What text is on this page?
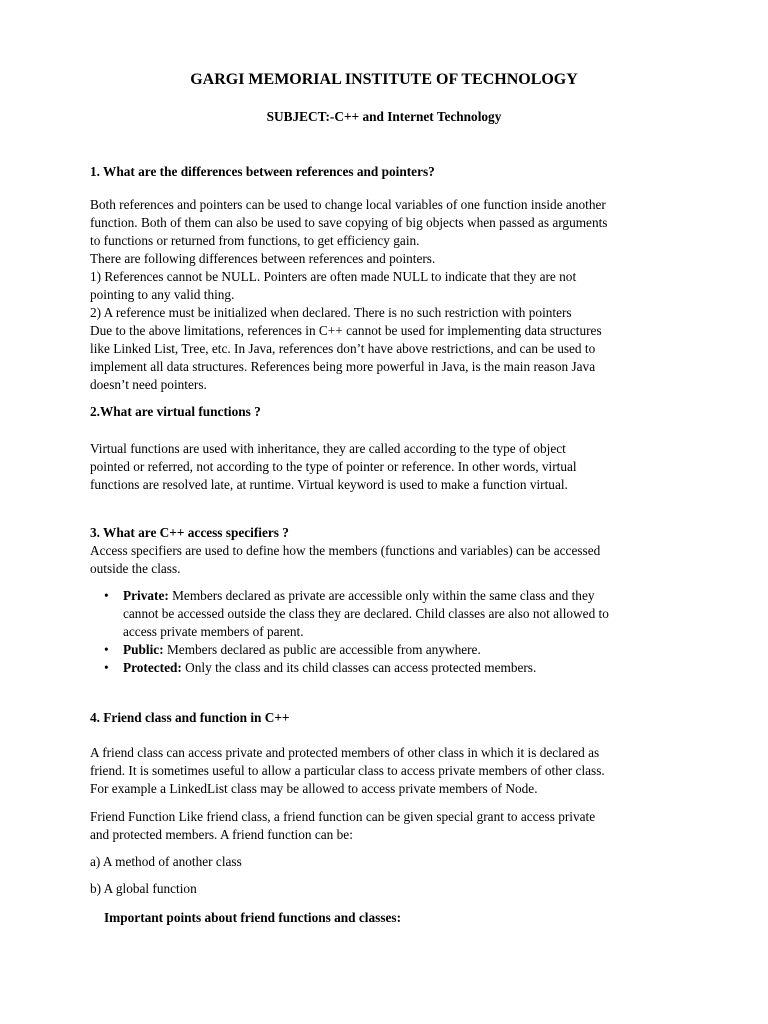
GARGI MEMORIAL INSTITUTE OF TECHNOLOGY

SUBJECT:-C++ and Internet Technology

1. What are the differences between references and pointers?

Both references and pointers can be used to change local variables of one function inside another
function. Both of them can also be used to save copying of big objects when passed as arguments
to functions or returned from functions, to get efficiency gain.
There are following differences between references and pointers.
1) References cannot be NULL. Pointers are often made NULL to indicate that they are not
pointing to any valid thing.
2) A reference must be initialized when declared. There is no such restriction with pointers
Due to the above limitations, references in C++ cannot be used for implementing data structures
like Linked List, Tree, etc. In Java, references don’t have above restrictions, and can be used to
implement all data structures. References being more powerful in Java, is the main reason Java
doesn’t need pointers.

2.What are virtual functions ?

Virtual functions are used with inheritance, they are called according to the type of object
pointed or referred, not according to the type of pointer or reference. In other words, virtual
functions are resolved late, at runtime. Virtual keyword is used to make a function virtual.

3. What are C++ access specifiers ?

Access specifiers are used to define how the members (functions and variables) can be accessed
outside the class.
• Private: Members declared as private are accessible only within the same class and they
cannot be accessed outside the class they are declared. Child classes are also not allowed to
access private members of parent.
• Public: Members declared as public are accessible from anywhere.
• Protected: Only the class and its child classes can access protected members.

4. Friend class and function in C++

A friend class can access private and protected members of other class in which it is declared as
friend. It is sometimes useful to allow a particular class to access private members of other class.
For example a LinkedList class may be allowed to access private members of Node.
Friend Function Like friend class, a friend function can be given special grant to access private
and protected members. A friend function can be:

a) A method of another class

b) A global function

Important points about friend functions and classes:
